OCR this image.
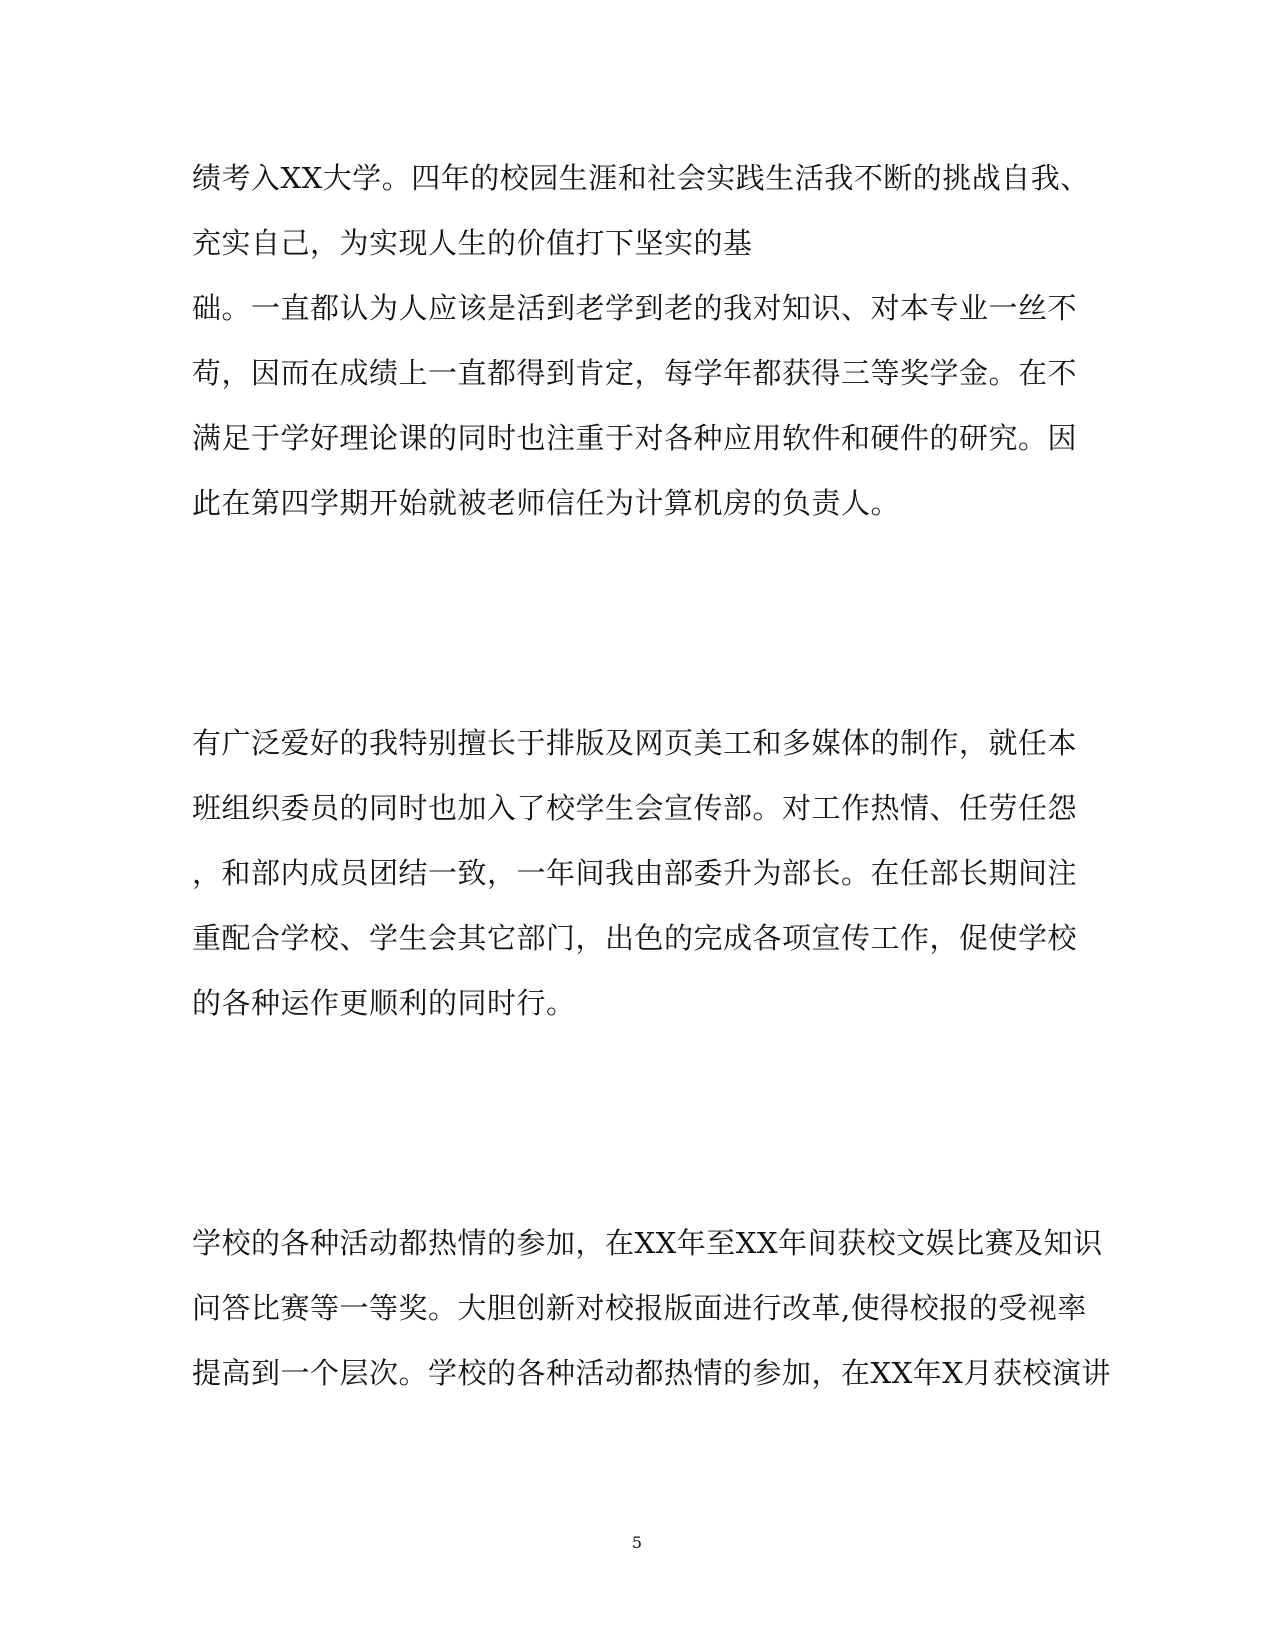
绩考入XX大学。四年的校园生涯和社会实践生活我不断的挑战自我、
充实自己，为实现人生的价值打下坚实的基
础。一直都认为人应该是活到老学到老的我对知识、对本专业一丝不
苟，因而在成绩上一直都得到肯定，每学年都获得三等奖学金。在不
满足于学好理论课的同时也注重于对各种应用软件和硬件的研究。因
此在第四学期开始就被老师信任为计算机房的负责人。
有广泛爱好的我特别擅长于排版及网页美工和多媒体的制作，就任本
班组织委员的同时也加入了校学生会宣传部。对工作热情、任劳任怨
，和部内成员团结一致，一年间我由部委升为部长。在任部长期间注
重配合学校、学生会其它部门，出色的完成各项宣传工作，促使学校
的各种运作更顺利的同时行。
学校的各种活动都热情的参加，在XX年至XX年间获校文娱比赛及知识
问答比赛等一等奖。大胆创新对校报版面进行改革,使得校报的受视率
提高到一个层次。学校的各种活动都热情的参加，在XX年X月获校演讲
5
